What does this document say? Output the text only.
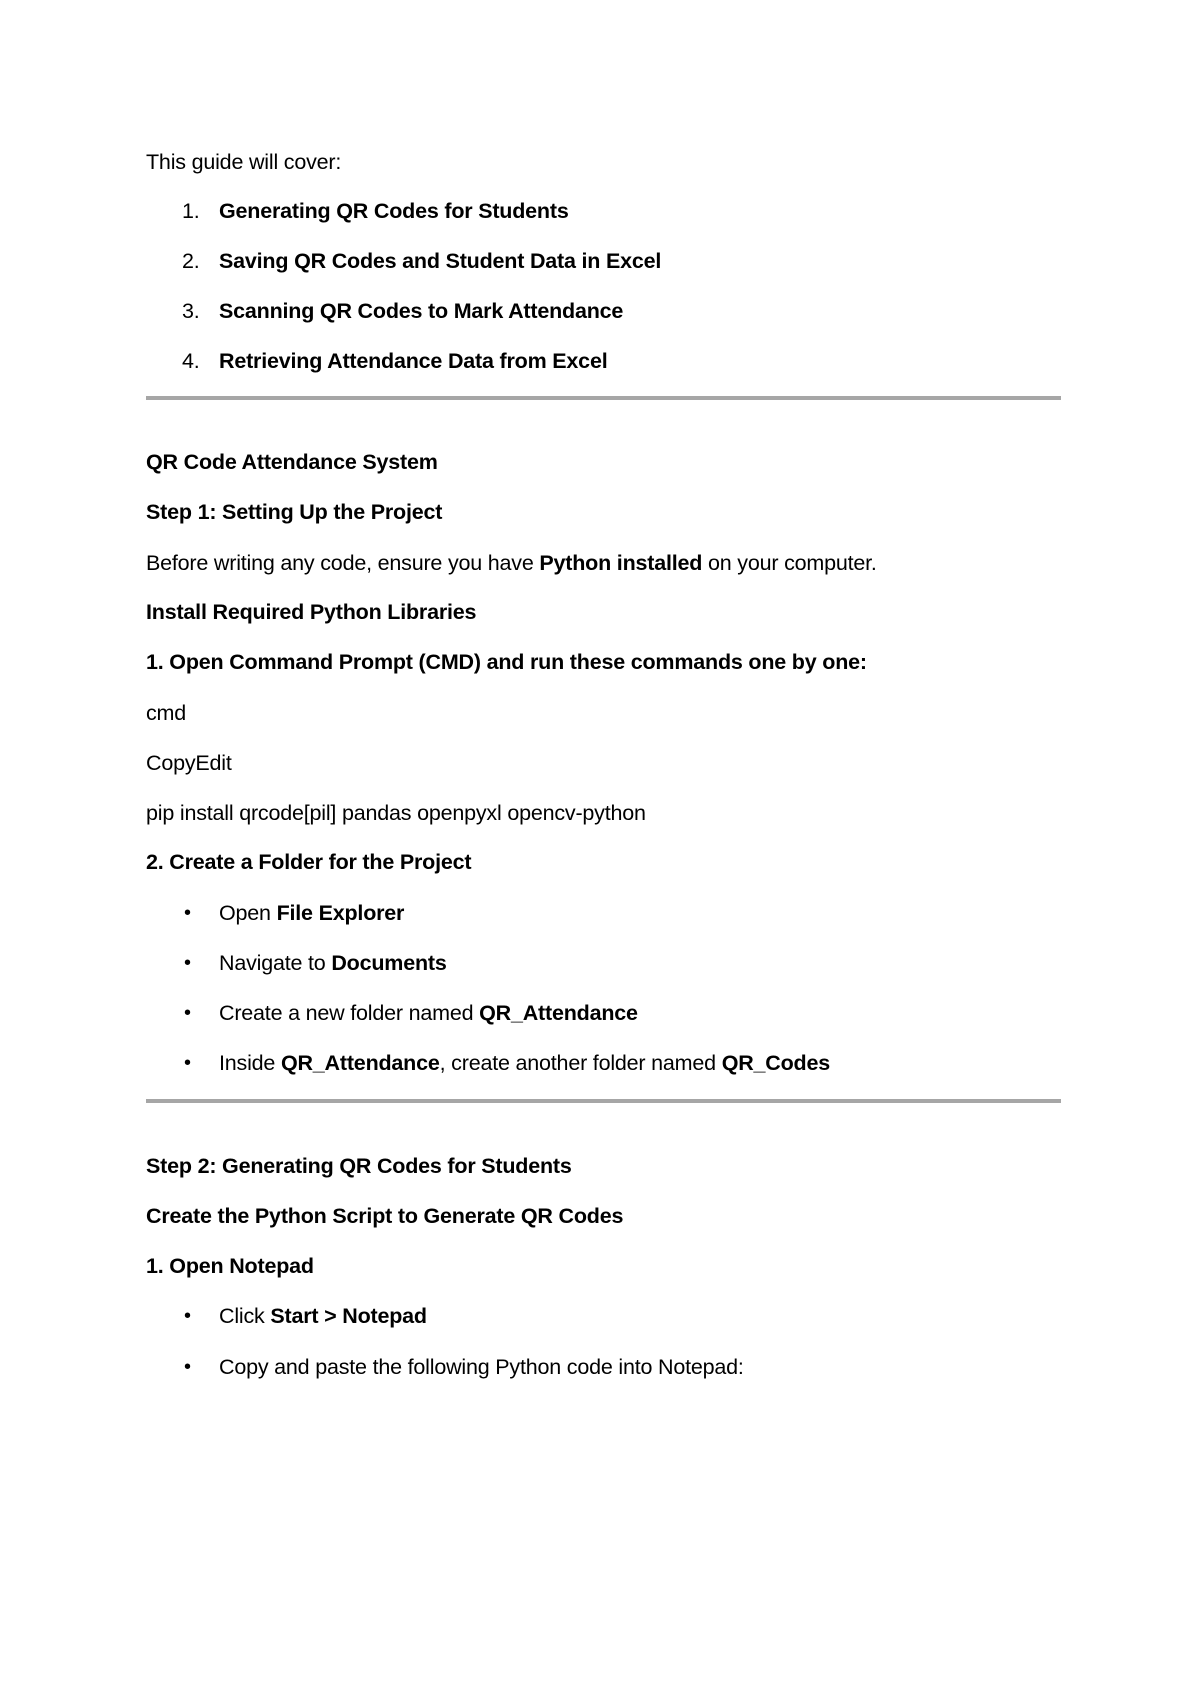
This guide will cover:
1. Generating QR Codes for Students
2. Saving QR Codes and Student Data in Excel
3. Scanning QR Codes to Mark Attendance
4. Retrieving Attendance Data from Excel
QR Code Attendance System
Step 1: Setting Up the Project
Before writing any code, ensure you have Python installed on your computer.
Install Required Python Libraries
1. Open Command Prompt (CMD) and run these commands one by one:
cmd
CopyEdit
pip install qrcode[pil] pandas openpyxl opencv-python
2. Create a Folder for the Project
•	Open File Explorer
•	Navigate to Documents
•	Create a new folder named QR_Attendance
•	Inside QR_Attendance, create another folder named QR_Codes
Step 2: Generating QR Codes for Students
Create the Python Script to Generate QR Codes
1. Open Notepad
•	Click Start > Notepad
•	Copy and paste the following Python code into Notepad:
